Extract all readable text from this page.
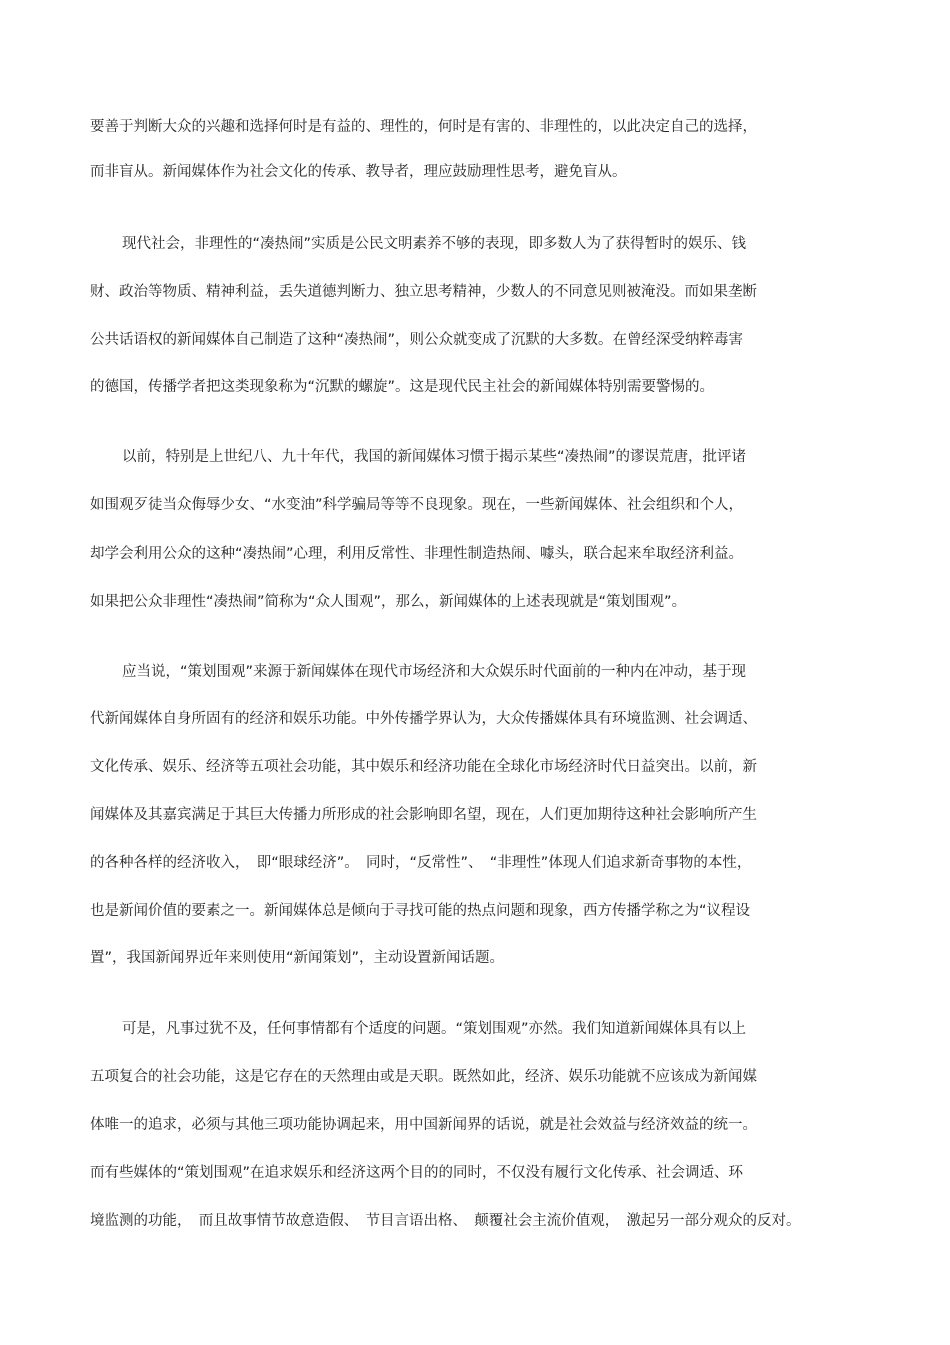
要善于判断大众的兴趣和选择何时是有益的、理性的，何时是有害的、非理性的，以此决定自己的选择，
而非盲从。新闻媒体作为社会文化的传承、教导者，理应鼓励理性思考，避免盲从。
现代社会，非理性的“凑热闹”实质是公民文明素养不够的表现，即多数人为了获得暂时的娱乐、钱
财、政治等物质、精神利益，丢失道德判断力、独立思考精神，少数人的不同意见则被淹没。而如果垄断
公共话语权的新闻媒体自己制造了这种“凑热闹”，则公众就变成了沉默的大多数。在曾经深受纳粹毒害
的德国，传播学者把这类现象称为“沉默的螺旋”。这是现代民主社会的新闻媒体特别需要警惕的。
以前，特别是上世纪八、九十年代，我国的新闻媒体习惯于揭示某些“凑热闹”的谬误荒唐，批评诸
如围观歹徒当众侮辱少女、“水变油”科学骗局等等不良现象。现在，一些新闻媒体、社会组织和个人，
却学会利用公众的这种“凑热闹”心理，利用反常性、非理性制造热闹、噱头，联合起来牟取经济利益。
如果把公众非理性“凑热闹”简称为“众人围观”，那么，新闻媒体的上述表现就是“策划围观”。
应当说，“策划围观”来源于新闻媒体在现代市场经济和大众娱乐时代面前的一种内在冲动，基于现
代新闻媒体自身所固有的经济和娱乐功能。中外传播学界认为，大众传播媒体具有环境监测、社会调适、
文化传承、娱乐、经济等五项社会功能，其中娱乐和经济功能在全球化市场经济时代日益突出。以前，新
闻媒体及其嘉宾满足于其巨大传播力所形成的社会影响即名望，现在，人们更加期待这种社会影响所产生
的各种各样的经济收入，　即“眼球经济”。　同时，“反常性”、　“非理性”体现人们追求新奇事物的本性，
也是新闻价值的要素之一。新闻媒体总是倾向于寻找可能的热点问题和现象，西方传播学称之为“议程设
置”，我国新闻界近年来则使用“新闻策划”，主动设置新闻话题。
可是，凡事过犹不及，任何事情都有个适度的问题。“策划围观”亦然。我们知道新闻媒体具有以上
五项复合的社会功能，这是它存在的天然理由或是天职。既然如此，经济、娱乐功能就不应该成为新闻媒
体唯一的追求，必须与其他三项功能协调起来，用中国新闻界的话说，就是社会效益与经济效益的统一。
而有些媒体的“策划围观”在追求娱乐和经济这两个目的的同时，不仅没有履行文化传承、社会调适、环
境监测的功能，　而且故事情节故意造假、　节目言语出格、　颠覆社会主流价值观，　激起另一部分观众的反对。
